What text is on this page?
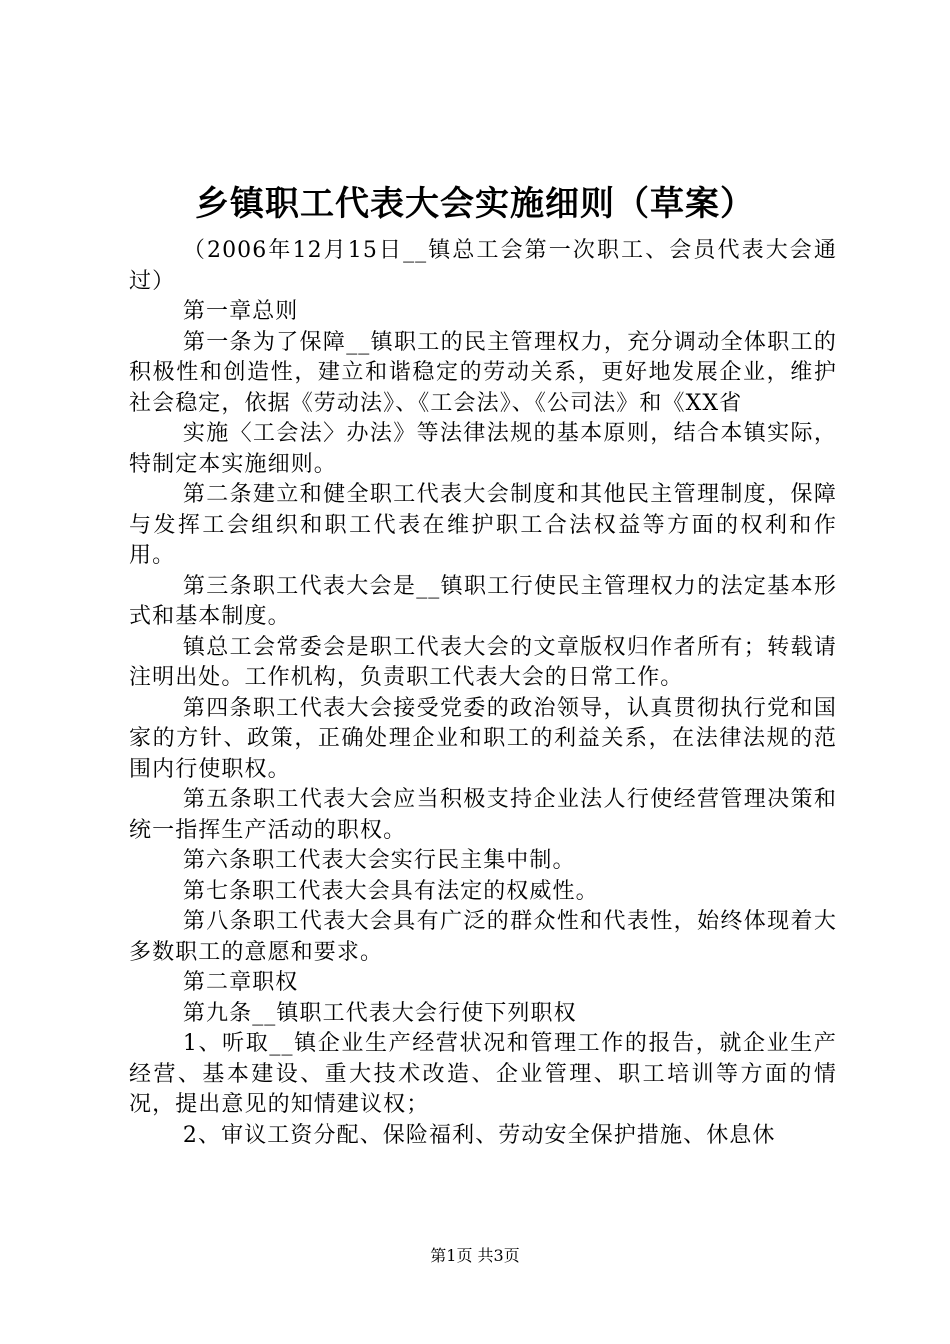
乡镇职工代表大会实施细则（草案）

（2006年12月15日__镇总工会第一次职工、会员代表大会通过）

第一章总则

第一条为了保障__镇职工的民主管理权力，充分调动全体职工的积极性和创造性，建立和谐稳定的劳动关系，更好地发展企业，维护社会稳定，依据《劳动法》、《工会法》、《公司法》和《XX省

实施〈工会法〉办法》等法律法规的基本原则，结合本镇实际，特制定本实施细则。

第二条建立和健全职工代表大会制度和其他民主管理制度，保障与发挥工会组织和职工代表在维护职工合法权益等方面的权利和作用。

第三条职工代表大会是__镇职工行使民主管理权力的法定基本形式和基本制度。

镇总工会常委会是职工代表大会的文章版权归作者所有；转载请注明出处。工作机构，负责职工代表大会的日常工作。

第四条职工代表大会接受党委的政治领导，认真贯彻执行党和国家的方针、政策，正确处理企业和职工的利益关系，在法律法规的范围内行使职权。

第五条职工代表大会应当积极支持企业法人行使经营管理决策和统一指挥生产活动的职权。

第六条职工代表大会实行民主集中制。

第七条职工代表大会具有法定的权威性。

第八条职工代表大会具有广泛的群众性和代表性，始终体现着大多数职工的意愿和要求。

第二章职权

第九条__镇职工代表大会行使下列职权

1、听取__镇企业生产经营状况和管理工作的报告，就企业生产经营、基本建设、重大技术改造、企业管理、职工培训等方面的情况，提出意见的知情建议权；

2、审议工资分配、保险福利、劳动安全保护措施、休息休

第1页 共3页
